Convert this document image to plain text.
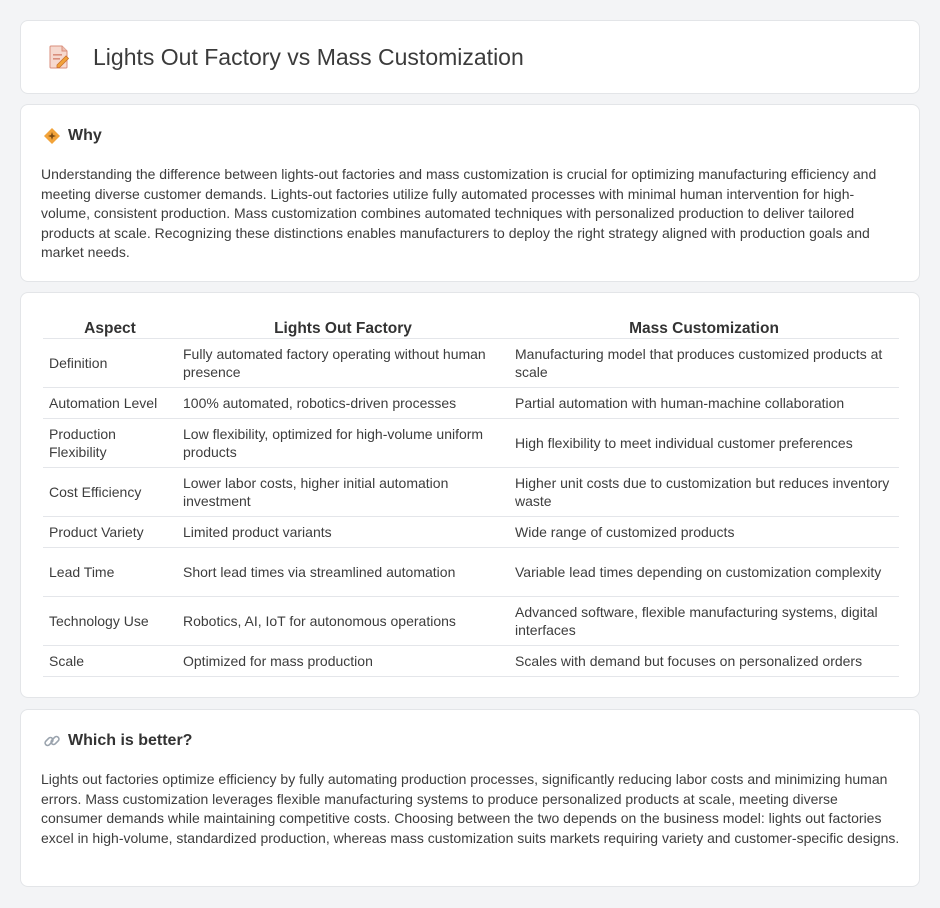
Lights Out Factory vs Mass Customization
Why

Understanding the difference between lights-out factories and mass customization is crucial for optimizing manufacturing efficiency and meeting diverse customer demands. Lights-out factories utilize fully automated processes with minimal human intervention for high-volume, consistent production. Mass customization combines automated techniques with personalized production to deliver tailored products at scale. Recognizing these distinctions enables manufacturers to deploy the right strategy aligned with production goals and market needs.

Aspect	Lights Out Factory	Mass Customization
Definition	Fully automated factory operating without human presence	Manufacturing model that produces customized products at scale
Automation Level	100% automated, robotics-driven processes	Partial automation with human-machine collaboration
Production Flexibility	Low flexibility, optimized for high-volume uniform products	High flexibility to meet individual customer preferences
Cost Efficiency	Lower labor costs, higher initial automation investment	Higher unit costs due to customization but reduces inventory waste
Product Variety	Limited product variants	Wide range of customized products
Lead Time	Short lead times via streamlined automation	Variable lead times depending on customization complexity
Technology Use	Robotics, AI, IoT for autonomous operations	Advanced software, flexible manufacturing systems, digital interfaces
Scale	Optimized for mass production	Scales with demand but focuses on personalized orders
Which is better?

Lights out factories optimize efficiency by fully automating production processes, significantly reducing labor costs and minimizing human errors. Mass customization leverages flexible manufacturing systems to produce personalized products at scale, meeting diverse consumer demands while maintaining competitive costs. Choosing between the two depends on the business model: lights out factories excel in high-volume, standardized production, whereas mass customization suits markets requiring variety and customer-specific designs.
